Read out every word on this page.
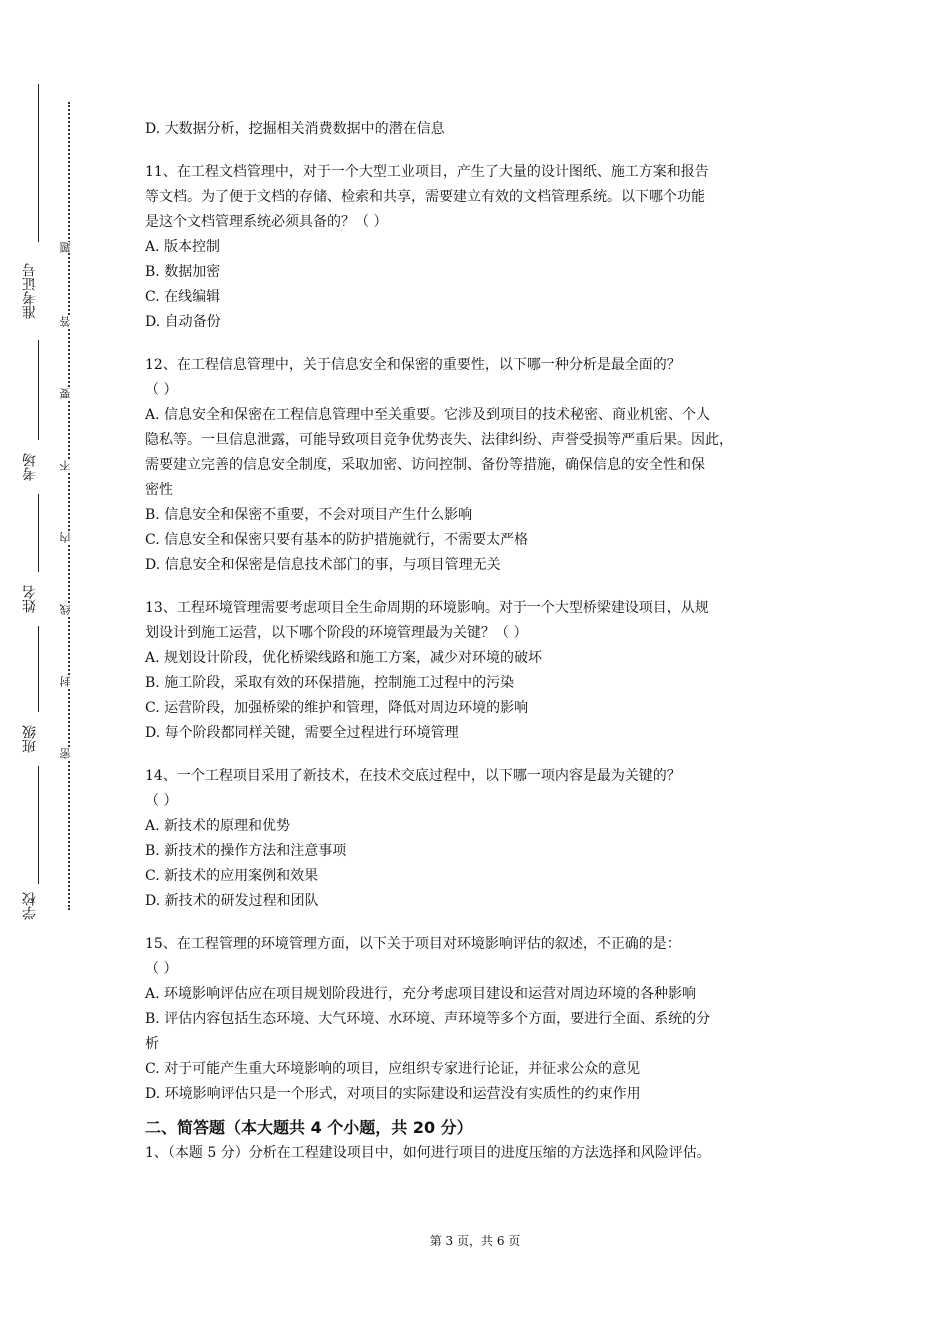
准考证号
考场
姓名
班级
学校
题
答
要
不
内
线
封
密
D. 大数据分析，挖掘相关消费数据中的潜在信息
11、在工程文档管理中，对于一个大型工业项目，产生了大量的设计图纸、施工方案和报告
等文档。为了便于文档的存储、检索和共享，需要建立有效的文档管理系统。以下哪个功能
是这个文档管理系统必须具备的？（ ）
A. 版本控制
B. 数据加密
C. 在线编辑
D. 自动备份
12、在工程信息管理中，关于信息安全和保密的重要性，以下哪一种分析是最全面的？
（ ）
A. 信息安全和保密在工程信息管理中至关重要。它涉及到项目的技术秘密、商业机密、个人
隐私等。一旦信息泄露，可能导致项目竞争优势丧失、法律纠纷、声誉受损等严重后果。因此，
需要建立完善的信息安全制度，采取加密、访问控制、备份等措施，确保信息的安全性和保
密性
B. 信息安全和保密不重要，不会对项目产生什么影响
C. 信息安全和保密只要有基本的防护措施就行，不需要太严格
D. 信息安全和保密是信息技术部门的事，与项目管理无关
13、工程环境管理需要考虑项目全生命周期的环境影响。对于一个大型桥梁建设项目，从规
划设计到施工运营，以下哪个阶段的环境管理最为关键？（ ）
A. 规划设计阶段，优化桥梁线路和施工方案，减少对环境的破坏
B. 施工阶段，采取有效的环保措施，控制施工过程中的污染
C. 运营阶段，加强桥梁的维护和管理，降低对周边环境的影响
D. 每个阶段都同样关键，需要全过程进行环境管理
14、一个工程项目采用了新技术，在技术交底过程中，以下哪一项内容是最为关键的？
（ ）
A. 新技术的原理和优势
B. 新技术的操作方法和注意事项
C. 新技术的应用案例和效果
D. 新技术的研发过程和团队
15、在工程管理的环境管理方面，以下关于项目对环境影响评估的叙述，不正确的是：
（ ）
A. 环境影响评估应在项目规划阶段进行，充分考虑项目建设和运营对周边环境的各种影响
B. 评估内容包括生态环境、大气环境、水环境、声环境等多个方面，要进行全面、系统的分
析
C. 对于可能产生重大环境影响的项目，应组织专家进行论证，并征求公众的意见
D. 环境影响评估只是一个形式，对项目的实际建设和运营没有实质性的约束作用
二、简答题（本大题共 4 个小题，共 20 分）
1、（本题 5 分）分析在工程建设项目中，如何进行项目的进度压缩的方法选择和风险评估。
第 3 页，共 6 页
